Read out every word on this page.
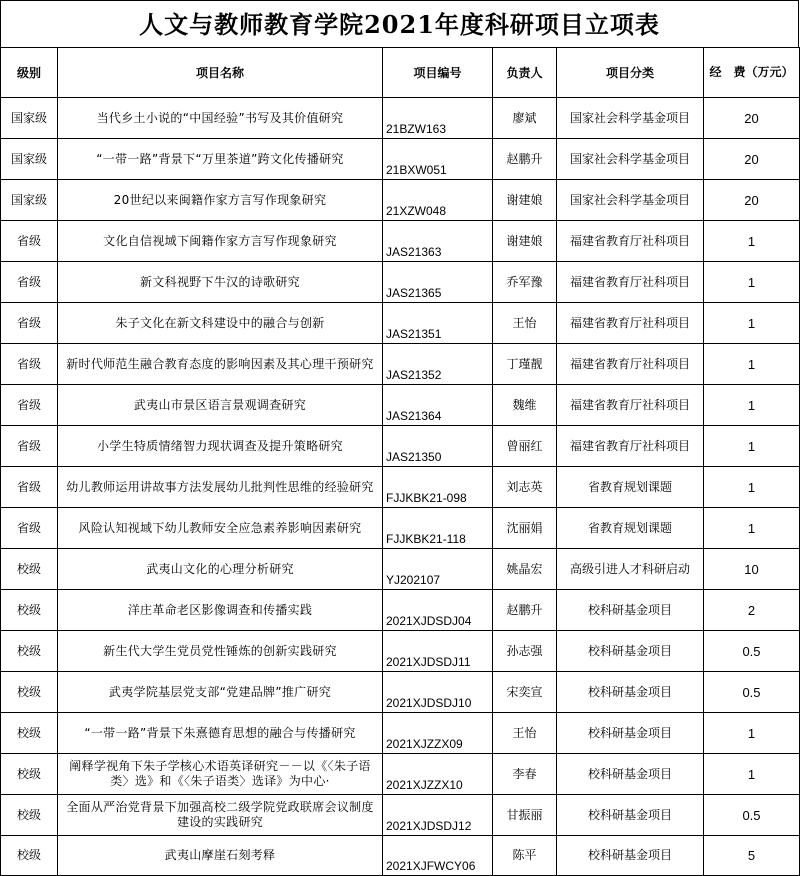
人文与教师教育学院2021年度科研项目立项表
级别	项目名称	项目编号	负责人	项目分类	经　费（万元）
国家级	当代乡土小说的“中国经验”书写及其价值研究	21BZW163	廖斌	国家社会科学基金项目	20
国家级	“一带一路”背景下“万里茶道”跨文化传播研究	21BXW051	赵鹏升	国家社会科学基金项目	20
国家级	20世纪以来闽籍作家方言写作现象研究	21XZW048	谢建娘	国家社会科学基金项目	20
省级	文化自信视域下闽籍作家方言写作现象研究	JAS21363	谢建娘	福建省教育厅社科项目	1
省级	新文科视野下牛汉的诗歌研究	JAS21365	乔军豫	福建省教育厅社科项目	1
省级	朱子文化在新文科建设中的融合与创新	JAS21351	王怡	福建省教育厅社科项目	1
省级	新时代师范生融合教育态度的影响因素及其心理干预研究	JAS21352	丁瑾靓	福建省教育厅社科项目	1
省级	武夷山市景区语言景观调查研究	JAS21364	魏维	福建省教育厅社科项目	1
省级	小学生特质情绪智力现状调查及提升策略研究	JAS21350	曾丽红	福建省教育厅社科项目	1
省级	幼儿教师运用讲故事方法发展幼儿批判性思维的经验研究	FJJKBK21-098	刘志英	省教育规划课题	1
省级	风险认知视域下幼儿教师安全应急素养影响因素研究	FJJKBK21-118	沈丽娟	省教育规划课题	1
校级	武夷山文化的心理分析研究	YJ202107	姚晶宏	高级引进人才科研启动	10
校级	洋庄革命老区影像调查和传播实践	2021XJDSDJ04	赵鹏升	校科研基金项目	2
校级	新生代大学生党员党性锤炼的创新实践研究	2021XJDSDJ11	孙志强	校科研基金项目	0.5
校级	武夷学院基层党支部“党建品牌”推广研究	2021XJDSDJ10	宋奕宣	校科研基金项目	0.5
校级	“一带一路”背景下朱熹德育思想的融合与传播研究	2021XJZZX09	王怡	校科研基金项目	1
校级	阐释学视角下朱子学核心术语英译研究－－以《〈朱子语类〉选》和《〈朱子语类〉选译》为中心·	2021XJZZX10	李春	校科研基金项目	1
校级	全面从严治党背景下加强高校二级学院党政联席会议制度建设的实践研究	2021XJDSDJ12	甘振丽	校科研基金项目	0.5
校级	武夷山摩崖石刻考释	2021XJFWCY06	陈平	校科研基金项目	5
